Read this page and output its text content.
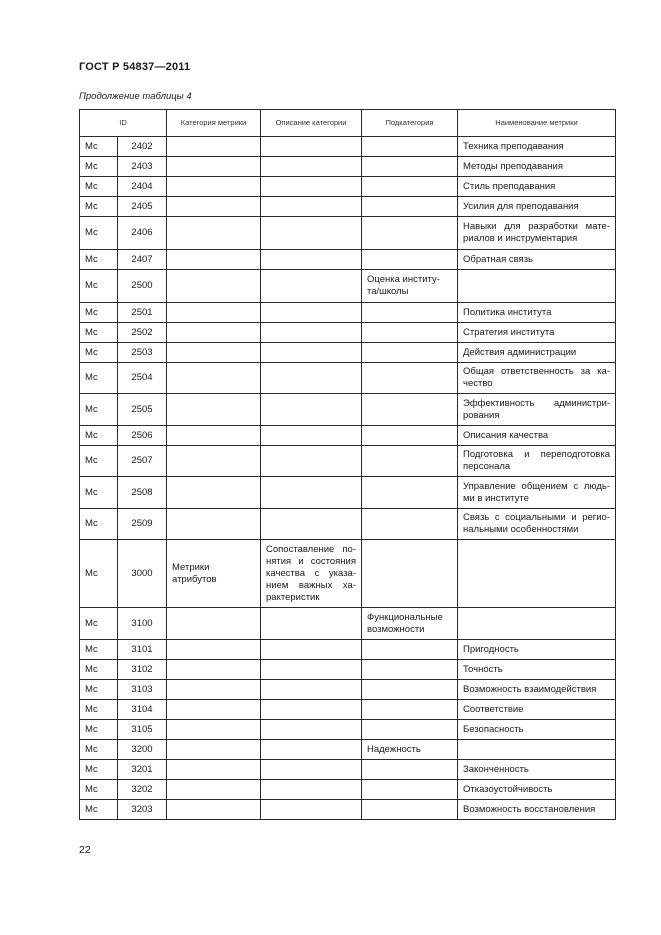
ГОСТ Р 54837—2011
Продолжение таблицы 4
ID		Категория метрики	Описание категории	Подкатегория	Наименование метрики
Мс	2402				Техника преподавания
Мс	2403				Методы преподавания
Мс	2404				Стиль преподавания
Мс	2405				Усилия для преподавания
Мс	2406				Навыки для разработки мате-риалов и инструментария
Мс	2407				Обратная связь
Мс	2500			Оценка институ-та/школы	
Мс	2501				Политика института
Мс	2502				Стратегия института
Мс	2503				Действия администрации
Мс	2504				Общая ответственность за ка-чество
Мс	2505				Эффективность администри-рования
Мс	2506				Описания качества
Мс	2507				Подготовка и переподготовка персонала
Мс	2508				Управление общением с людь-ми в институте
Мс	2509				Связь с социальными и регио-нальными особенностями
Мс	3000	Метрики атрибутов	Сопоставление по-нятия и состояния качества с указа-нием важных ха-рактеристик		
Мс	3100			Функциональные возможности	
Мс	3101				Пригодность
Мс	3102				Точность
Мс	3103				Возможность взаимодействия
Мс	3104				Соответствие
Мс	3105				Безопасность
Мс	3200			Надежность	
Мс	3201				Законченность
Мс	3202				Отказоустойчивость
Мс	3203				Возможность восстановления
22
